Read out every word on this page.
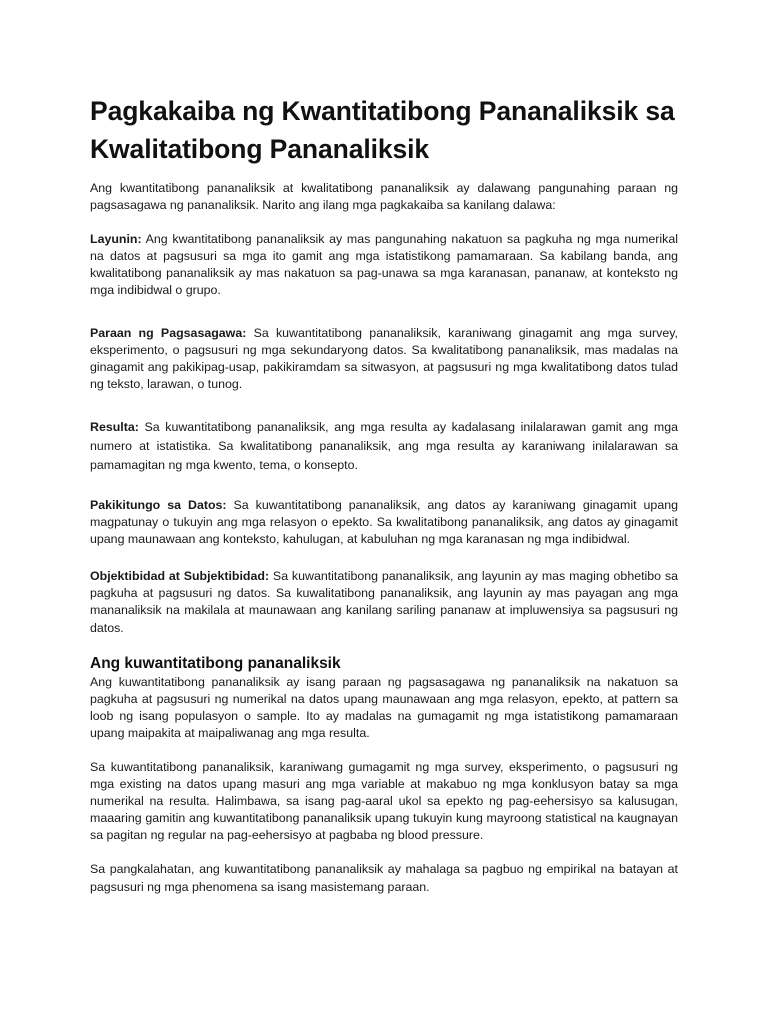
Pagkakaiba ng Kwantitatibong Pananaliksik sa Kwalitatibong Pananaliksik

Ang kwantitatibong pananaliksik at kwalitatibong pananaliksik ay dalawang pangunahing paraan ng pagsasagawa ng pananaliksik. Narito ang ilang mga pagkakaiba sa kanilang dalawa:

Layunin: Ang kwantitatibong pananaliksik ay mas pangunahing nakatuon sa pagkuha ng mga numerikal na datos at pagsusuri sa mga ito gamit ang mga istatistikong pamamaraan. Sa kabilang banda, ang kwalitatibong pananaliksik ay mas nakatuon sa pag-unawa sa mga karanasan, pananaw, at konteksto ng mga indibidwal o grupo.

Paraan ng Pagsasagawa: Sa kuwantitatibong pananaliksik, karaniwang ginagamit ang mga survey, eksperimento, o pagsusuri ng mga sekundaryong datos. Sa kwalitatibong pananaliksik, mas madalas na ginagamit ang pakikipag-usap, pakikiramdam sa sitwasyon, at pagsusuri ng mga kwalitatibong datos tulad ng teksto, larawan, o tunog.

Resulta: Sa kuwantitatibong pananaliksik, ang mga resulta ay kadalasang inilalarawan gamit ang mga numero at istatistika. Sa kwalitatibong pananaliksik, ang mga resulta ay karaniwang inilalarawan sa pamamagitan ng mga kwento, tema, o konsepto.

Pakikitungo sa Datos: Sa kuwantitatibong pananaliksik, ang datos ay karaniwang ginagamit upang magpatunay o tukuyin ang mga relasyon o epekto. Sa kwalitatibong pananaliksik, ang datos ay ginagamit upang maunawaan ang konteksto, kahulugan, at kabuluhan ng mga karanasan ng mga indibidwal.

Objektibidad at Subjektibidad: Sa kuwantitatibong pananaliksik, ang layunin ay mas maging obhetibo sa pagkuha at pagsusuri ng datos. Sa kuwalitatibong pananaliksik, ang layunin ay mas payagan ang mga mananaliksik na makilala at maunawaan ang kanilang sariling pananaw at impluwensiya sa pagsusuri ng datos.

Ang kuwantitatibong pananaliksik

Ang kuwantitatibong pananaliksik ay isang paraan ng pagsasagawa ng pananaliksik na nakatuon sa pagkuha at pagsusuri ng numerikal na datos upang maunawaan ang mga relasyon, epekto, at pattern sa loob ng isang populasyon o sample. Ito ay madalas na gumagamit ng mga istatistikong pamamaraan upang maipakita at maipaliwanag ang mga resulta.

Sa kuwantitatibong pananaliksik, karaniwang gumagamit ng mga survey, eksperimento, o pagsusuri ng mga existing na datos upang masuri ang mga variable at makabuo ng mga konklusyon batay sa mga numerikal na resulta. Halimbawa, sa isang pag-aaral ukol sa epekto ng pag-eehersisyo sa kalusugan, maaaring gamitin ang kuwantitatibong pananaliksik upang tukuyin kung mayroong statistical na kaugnayan sa pagitan ng regular na pag-eehersisyo at pagbaba ng blood pressure.

Sa pangkalahatan, ang kuwantitatibong pananaliksik ay mahalaga sa pagbuo ng empirikal na batayan at pagsusuri ng mga phenomena sa isang masistemang paraan.
